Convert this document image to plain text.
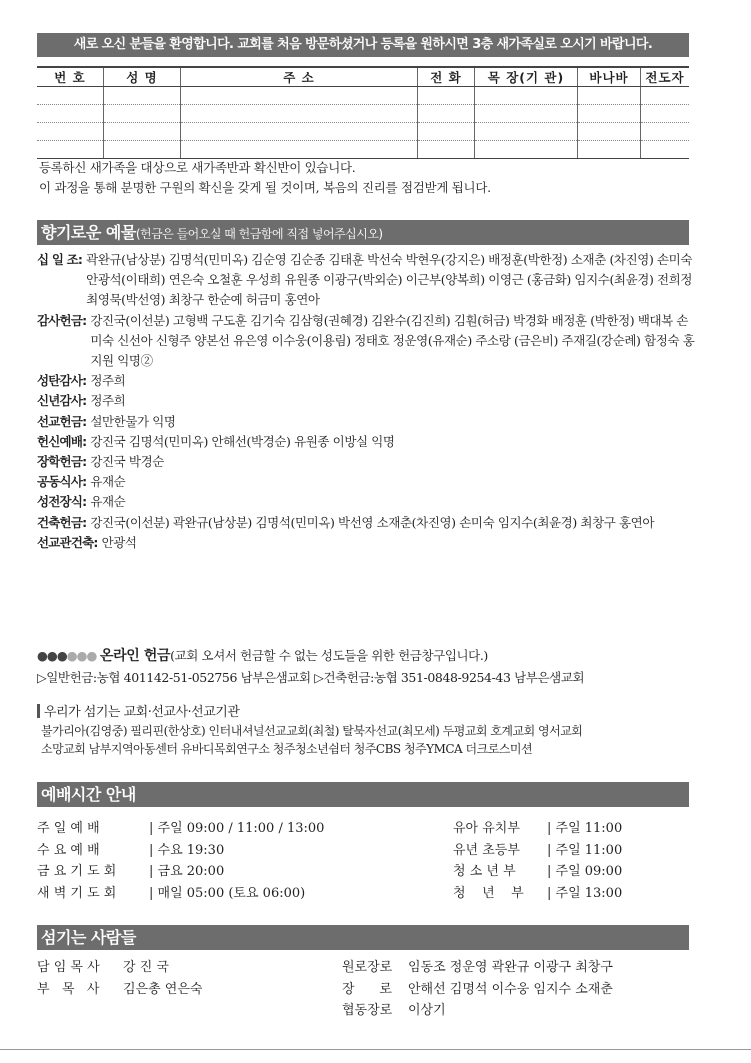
새로 오신 분들을 환영합니다. 교회를 처음 방문하셨거나 등록을 원하시면 3층 새가족실로 오시기 바랍니다.
번 호	성 명	주 소	전 화	목 장(기 관)	바나바	전도자

등록하신 새가족을 대상으로 새가족반과 확신반이 있습니다.
이 과정을 통해 분명한 구원의 확신을 갖게 될 것이며, 복음의 진리를 점검받게 됩니다.
향기로운 예물(헌금은 들어오실 때 헌금함에 직접 넣어주십시오)
십 일 조: 곽완규(남상분) 김명석(민미옥) 김순영 김순종 김태훈 박선숙 박현우(강지은) 배정훈(박한정) 소재춘 (차진영) 손미숙 안광석(이태희) 연은숙 오철훈 우성희 유원종 이광구(박외순) 이근부(양복희) 이영근 (홍금화) 임지수(최윤경) 전희정 최영묵(박선영) 최창구 한순예 허금미 홍연아
감사헌금: 강진국(이선분) 고형백 구도훈 김기숙 김삼형(권혜경) 김완수(김진희) 김훤(허금) 박경화 배정훈 (박한정) 백대복 손미숙 신선아 신형주 양본선 유은영 이수웅(이용림) 정태호 정운영(유재순) 주소랑 (금은비) 주재길(강순례) 함정숙 홍지원 익명②
성탄감사: 정주희
신년감사: 정주희
선교헌금: 설만한물가 익명
헌신예배: 강진국 김명석(민미옥) 안해선(박경순) 유원종 이방실 익명
장학헌금: 강진국 박경순
공동식사: 유재순
성전장식: 유재순
건축헌금: 강진국(이선분) 곽완규(남상분) 김명석(민미옥) 박선영 소재춘(차진영) 손미숙 임지수(최윤경) 최창구 홍연아
선교관건축: 안광석
●●●●●● 온라인 헌금(교회 오셔서 헌금할 수 없는 성도들을 위한 헌금창구입니다.)
▷일반헌금:농협 401142-51-052756 남부은샘교회 ▷건축헌금:농협 351-0848-9254-43 남부은샘교회
우리가 섬기는 교회·선교사·선교기관
불가리아(김영중) 필리핀(한상호) 인터내셔널선교교회(최철) 탈북자선교(최모세) 두평교회 호계교회 영서교회
소망교회 남부지역아동센터 유바디목회연구소 청주청소년쉼터 청주CBS 청주YMCA 더크로스미션
예배시간 안내
주 일 예 배	| 주일 09:00 / 11:00 / 13:00
수 요 예 배	| 수요 19:30
금 요 기 도 회	| 금요 20:00
새 벽 기 도 회	| 매일 05:00 (토요 06:00)
유아 유치부 | 주일 11:00
유년 초등부 | 주일 11:00
청 소 년 부 | 주일 09:00
청    년    부 | 주일 13:00
섬기는 사람들
담 임 목 사 강 진 국
부   목   사 김은총 연은숙
원로장로 임동조 정운영 곽완규 이광구 최창구
장      로 안해선 김명석 이수웅 임지수 소재춘
협동장로 이상기
